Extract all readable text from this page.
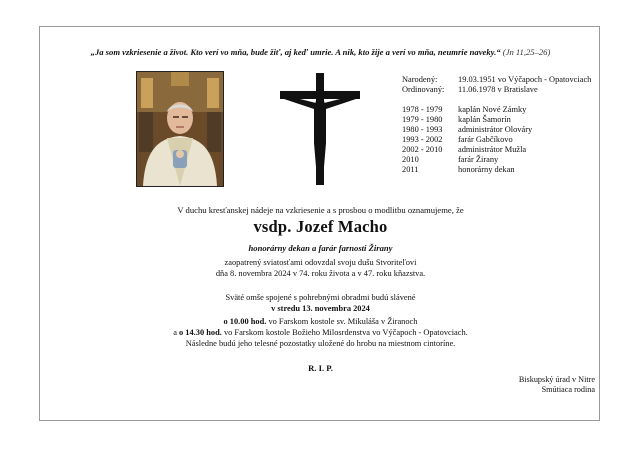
„Ja som vzkriesenie a život. Kto verí vo mňa, bude žiť, aj keď umrie. A nik, kto žije a verí vo mňa, neumrie naveky.“ (Jn 11,25–26)
Narodený:	19.03.1951 vo Výčapoch - Opatovciach
Ordinovaný:	11.06.1978 v Bratislave
1978 - 1979	kaplán Nové Zámky
1979 - 1980	kaplán Šamorín
1980 - 1993	administrátor Olováry
1993 - 2002	farár Gabčíkovo
2002 - 2010	administrátor Mužla
2010	farár Žirany
2011	honorárny dekan
V duchu kresťanskej nádeje na vzkriesenie a s prosbou o modlitbu oznamujeme, že
vsdp. Jozef Macho
honorárny dekan a farár farnosti Žirany
zaopatrený sviatosťami odovzdal svoju dušu Stvoriteľovi
dňa 8. novembra 2024 v 74. roku života a v 47. roku kňazstva.
Sväté omše spojené s pohrebnými obradmi budú slávené
v stredu 13. novembra 2024
o 10.00 hod. vo Farskom kostole sv. Mikuláša v Žiranoch
a o 14.30 hod. vo Farskom kostole Božieho Milosrdenstva vo Výčapoch - Opatovciach.
Následne budú jeho telesné pozostatky uložené do hrobu na miestnom cintoríne.
R. I. P.
Biskupský úrad v Nitre
Smútiaca rodina
